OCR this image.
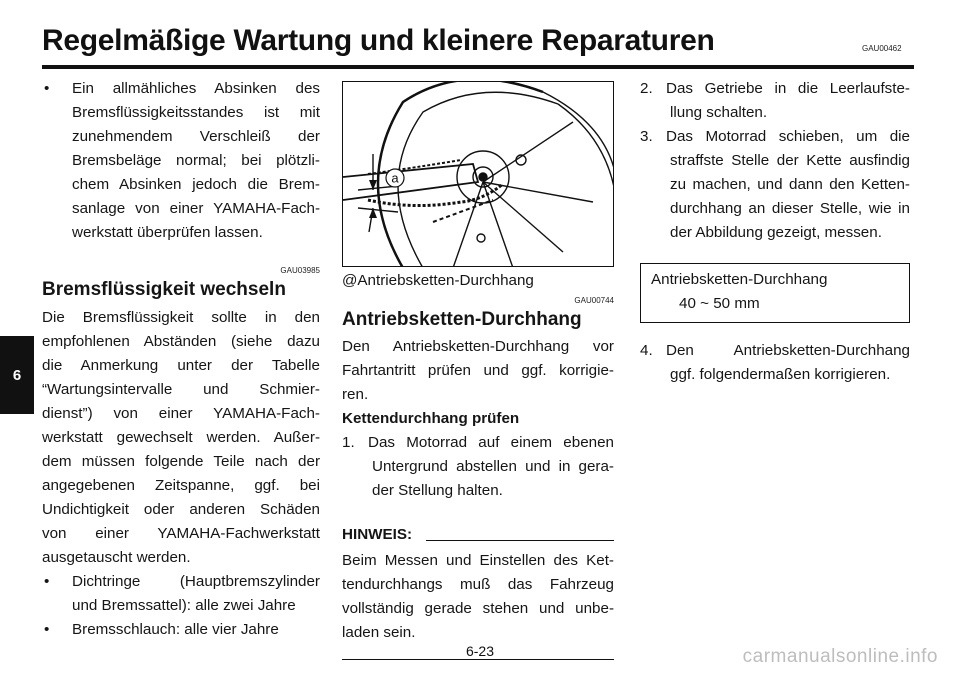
Regelmäßige Wartung und kleinere Reparaturen	GAU00462
6
• Ein allmähliches Absinken des

Bremsflüssigkeitsstandes ist mit

zunehmendem Verschleiß der

Bremsbeläge normal; bei plötzli-

chem Absinken jedoch die Brem-

sanlage von einer YAMAHA-Fach-

werkstatt überprüfen lassen.

GAU03985
Bremsflüssigkeit wechseln

Die Bremsflüssigkeit sollte in den

empfohlenen Abständen (siehe dazu

die Anmerkung unter der Tabelle

“Wartungsintervalle und Schmier-

dienst”) von einer YAMAHA-Fach-

werkstatt gewechselt werden. Außer-

dem müssen folgende Teile nach der

angegebenen Zeitspanne, ggf. bei

Undichtigkeit oder anderen Schäden

von einer YAMAHA-Fachwerkstatt

ausgetauscht werden.

• Dichtringe (Hauptbremszylinder

und Bremssattel): alle zwei Jahre

• Bremsschlauch: alle vier Jahre

a

@Antriebsketten-Durchhang

GAU00744
Antriebsketten-Durchhang

Den Antriebsketten-Durchhang vor

Fahrtantritt prüfen und ggf. korrigie-

ren.

Kettendurchhang prüfen

1. Das Motorrad auf einem ebenen

Untergrund abstellen und in gera-

der Stellung halten.

HINWEIS:

Beim Messen und Einstellen des Ket-

tendurchhangs muß das Fahrzeug

vollständig gerade stehen und unbe-

laden sein.

2. Das Getriebe in die Leerlaufste-

llung schalten.

3. Das Motorrad schieben, um die

straffste Stelle der Kette ausfindig

zu machen, und dann den Ketten-

durchhang an dieser Stelle, wie in

der Abbildung gezeigt, messen.

Antriebsketten-Durchhang

40 ~ 50 mm

4. Den Antriebsketten-Durchhang

ggf. folgendermaßen korrigieren.

6-23	carmanualsonline.info
